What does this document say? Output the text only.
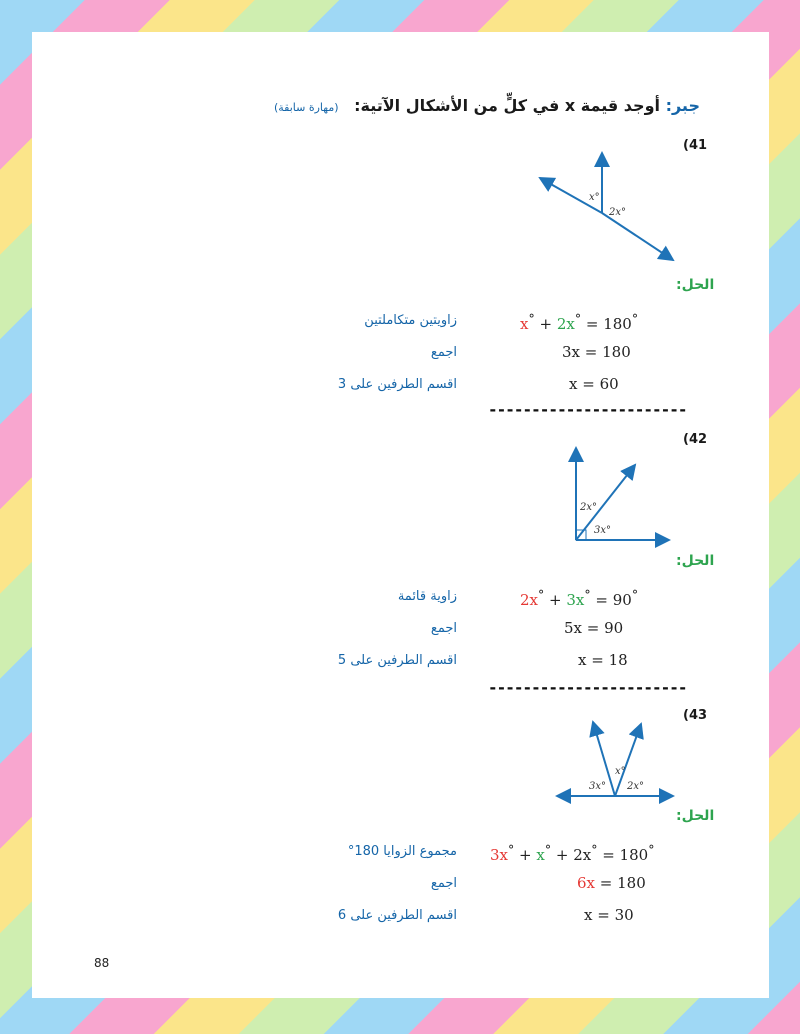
جبر: أوجد قيمة x في كلٍّ من الأشكال الآتية: (مهارة سابقة)
(41
x°
2x°
الحل:
x° + 2x° = 180°
زاويتين متكاملتين
3x = 180
اجمع
x = 60
اقسم الطرفين على 3
-----------------------
(42
2x°
3x°
الحل:
2x° + 3x° = 90°
زاوية قائمة
5x = 90
اجمع
x = 18
اقسم الطرفين على 5
-----------------------
(43
3x°
x°
2x°
الحل:
3x° + x° + 2x° = 180°
مجموع الزوايا 180°
6x = 180
اجمع
x = 30
اقسم الطرفين على 6
88
